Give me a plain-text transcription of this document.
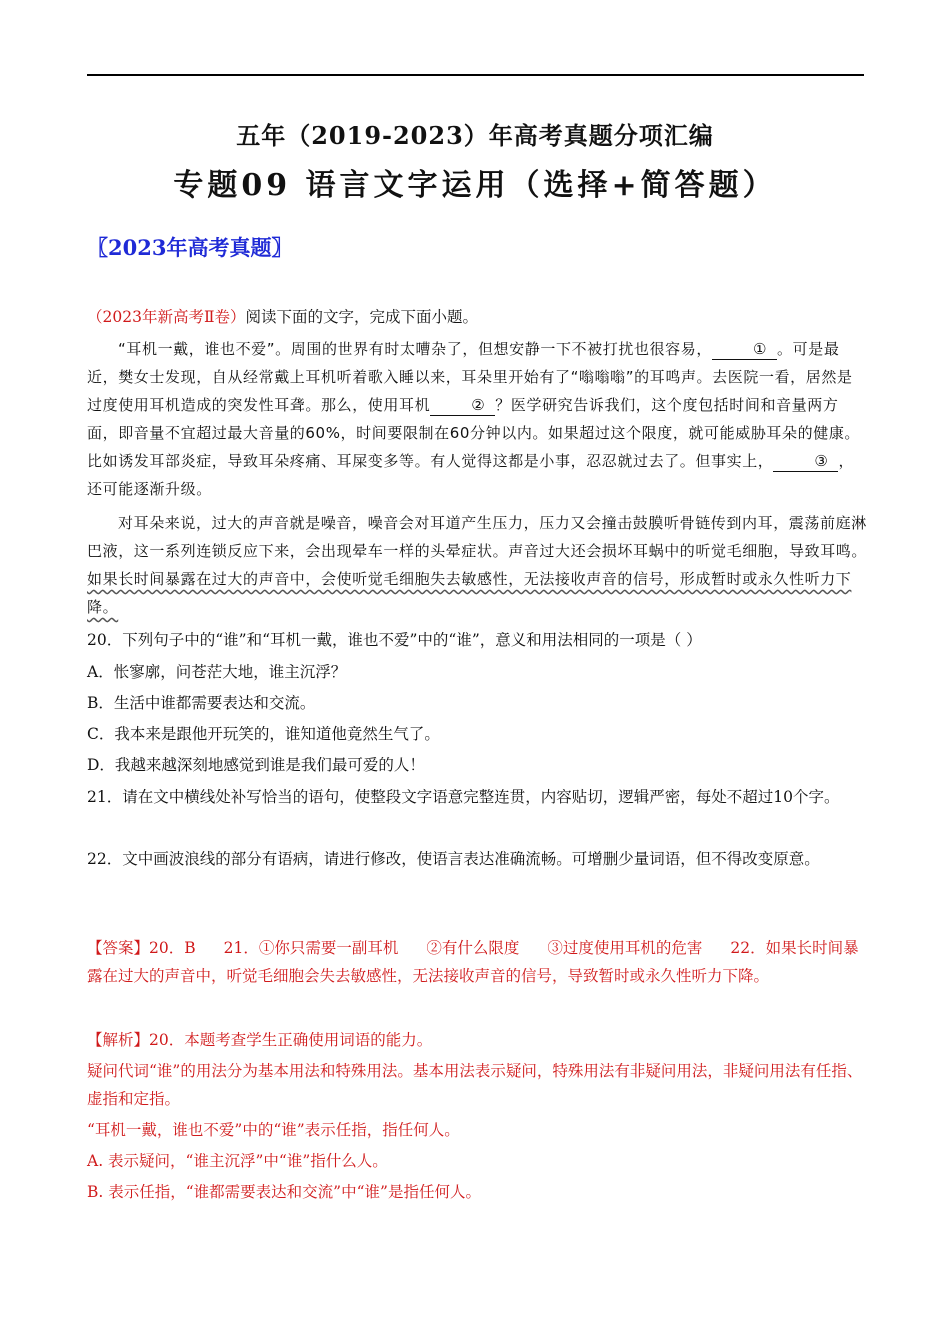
五年（2019-2023）年高考真题分项汇编
专题09 语言文字运用（选择+简答题）
〖2023年高考真题〗
（2023年新高考Ⅱ卷）阅读下面的文字，完成下面小题。
“耳机一戴，谁也不爱”。周围的世界有时太嘈杂了，但想安静一下不被打扰也很容易，	① 。可是最近，樊女士发现，自从经常戴上耳机听着歌入睡以来，耳朵里开始有了“嗡嗡嗡”的耳鸣声。去医院一看，居然是过度使用耳机造成的突发性耳聋。那么，使用耳机	② ？医学研究告诉我们，这个度包括时间和音量两方面，即音量不宜超过最大音量的60%，时间要限制在60分钟以内。如果超过这个限度，就可能威胁耳朵的健康。比如诱发耳部炎症，导致耳朵疼痛、耳屎变多等。有人觉得这都是小事，忍忍就过去了。但事实上，	③ ，还可能逐渐升级。
对耳朵来说，过大的声音就是噪音，噪音会对耳道产生压力，压力又会撞击鼓膜听骨链传到内耳，震荡前庭淋巴液，这一系列连锁反应下来，会出现晕车一样的头晕症状。声音过大还会损坏耳蜗中的听觉毛细胞，导致耳鸣。如果长时间暴露在过大的声音中，会使听觉毛细胞失去敏感性，无法接收声音的信号，形成暂时或永久性听力下降。
20．下列句子中的“谁”和“耳机一戴，谁也不爱”中的“谁”，意义和用法相同的一项是（ ）
A．怅寥廓，问苍茫大地，谁主沉浮？
B．生活中谁都需要表达和交流。
C．我本来是跟他开玩笑的，谁知道他竟然生气了。
D．我越来越深刻地感觉到谁是我们最可爱的人！
21．请在文中横线处补写恰当的语句，使整段文字语意完整连贯，内容贴切，逻辑严密，每处不超过10个字。
22．文中画波浪线的部分有语病，请进行修改，使语言表达准确流畅。可增删少量词语，但不得改变原意。
【答案】20．B 21．①你只需要一副耳机 ②有什么限度 ③过度使用耳机的危害 22．如果长时间暴露在过大的声音中，听觉毛细胞会失去敏感性，无法接收声音的信号，导致暂时或永久性听力下降。
【解析】20．本题考查学生正确使用词语的能力。
疑问代词“谁”的用法分为基本用法和特殊用法。基本用法表示疑问，特殊用法有非疑问用法，非疑问用法有任指、虚指和定指。
“耳机一戴，谁也不爱”中的“谁”表示任指，指任何人。
A. 表示疑问，“谁主沉浮”中“谁”指什么人。
B. 表示任指，“谁都需要表达和交流”中“谁”是指任何人。
